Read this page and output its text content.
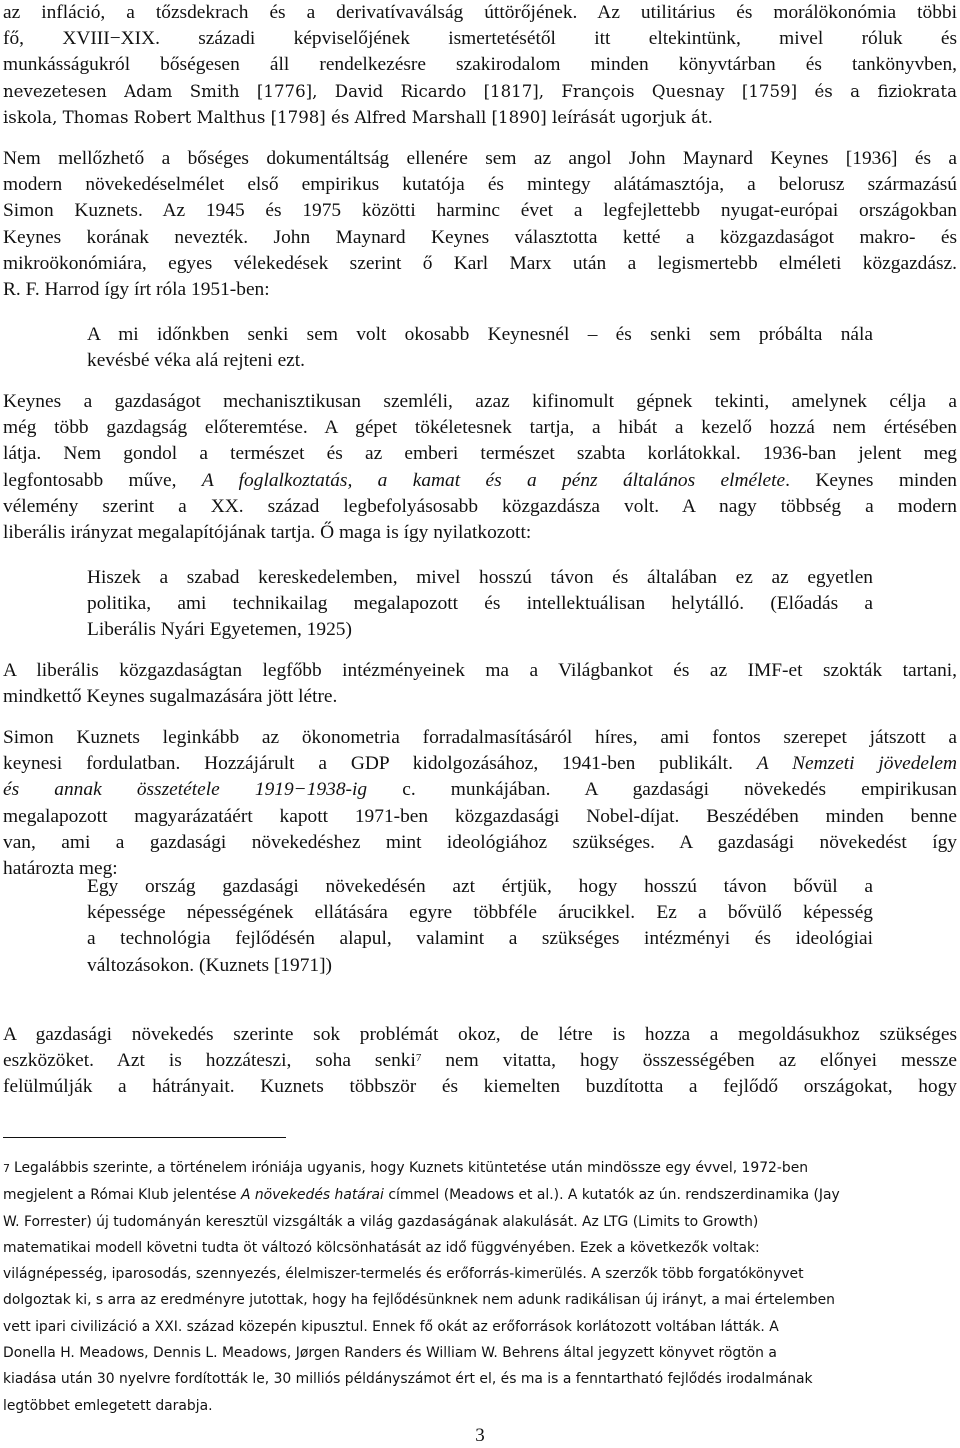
az infláció, a tőzsdekrach és a derivatívaválság úttörőjének. Az utilitárius és morálökonómia többi
fő, XVIII−XIX. századi képviselőjének ismertetésétől itt eltekintünk, mivel róluk és
munkásságukról bőségesen áll rendelkezésre szakirodalom minden könyvtárban és tankönyvben,
nevezetesen Adam Smith [1776], David Ricardo [1817], François Quesnay [1759] és a fiziokrata
iskola, Thomas Robert Malthus [1798] és Alfred Marshall [1890] leírását ugorjuk át.
Nem mellőzhető a bőséges dokumentáltság ellenére sem az angol John Maynard Keynes [1936] és a
modern növekedéselmélet első empirikus kutatója és mintegy alátámasztója, a belorusz származású
Simon Kuznets. Az 1945 és 1975 közötti harminc évet a legfejlettebb nyugat-európai országokban
Keynes korának nevezték. John Maynard Keynes választotta ketté a közgazdaságot makro- és
mikroökonómiára, egyes vélekedések szerint ő Karl Marx után a legismertebb elméleti közgazdász.
R. F. Harrod így írt róla 1951-ben:
A mi időnkben senki sem volt okosabb Keynesnél – és senki sem próbálta nála
kevésbé véka alá rejteni ezt.
Keynes a gazdaságot mechanisztikusan szemléli, azaz kifinomult gépnek tekinti, amelynek célja a
még több gazdagság előteremtése. A gépet tökéletesnek tartja, a hibát a kezelő hozzá nem értésében
látja. Nem gondol a természet és az emberi természet szabta korlátokkal. 1936-ban jelent meg
legfontosabb műve, A foglalkoztatás, a kamat és a pénz általános elmélete. Keynes minden
vélemény szerint a XX. század legbefolyásosabb közgazdásza volt. A nagy többség a modern
liberális irányzat megalapítójának tartja. Ő maga is így nyilatkozott:
Hiszek a szabad kereskedelemben, mivel hosszú távon és általában ez az egyetlen
politika, ami technikailag megalapozott és intellektuálisan helytálló. (Előadás a
Liberális Nyári Egyetemen, 1925)
A liberális közgazdaságtan legfőbb intézményeinek ma a Világbankot és az IMF-et szokták tartani,
mindkettő Keynes sugalmazására jött létre.
Simon Kuznets leginkább az ökonometria forradalmasításáról híres, ami fontos szerepet játszott a
keynesi fordulatban. Hozzájárult a GDP kidolgozásához, 1941-ben publikált. A Nemzeti jövedelem
és annak összetétele 1919−1938-ig c. munkájában. A gazdasági növekedés empirikusan
megalapozott magyarázatáért kapott 1971-ben közgazdasági Nobel-díjat. Beszédében minden benne
van, ami a gazdasági növekedéshez mint ideológiához szükséges. A gazdasági növekedést így
határozta meg:
Egy ország gazdasági növekedésén azt értjük, hogy hosszú távon bővül a
képessége népességének ellátására egyre többféle árucikkel. Ez a bővülő képesség
a technológia fejlődésén alapul, valamint a szükséges intézményi és ideológiai
változásokon. (Kuznets [1971])
A gazdasági növekedés szerinte sok problémát okoz, de létre is hozza a megoldásukhoz szükséges
eszközöket. Azt is hozzáteszi, soha senki$^7$ nem vitatta, hogy összességében az előnyei messze
felülmúlják a hátrányait. Kuznets többször és kiemelten buzdította a fejlődő országokat, hogy
7 Legalábbis szerinte, a történelem iróniája ugyanis, hogy Kuznets kitüntetése után mindössze egy évvel, 1972-ben
megjelent a Római Klub jelentése A növekedés határai címmel (Meadows et al.). A kutatók az ún. rendszerdinamika (Jay
W. Forrester) új tudományán keresztül vizsgálták a világ gazdaságának alakulását. Az LTG (Limits to Growth)
matematikai modell követni tudta öt változó kölcsönhatását az idő függvényében. Ezek a következők voltak:
világnépesség, iparosodás, szennyezés, élelmiszer-termelés és erőforrás-kimerülés. A szerzők több forgatókönyvet
dolgoztak ki, s arra az eredményre jutottak, hogy ha fejlődésünknek nem adunk radikálisan új irányt, a mai értelemben
vett ipari civilizáció a XXI. század közepén kipusztul. Ennek fő okát az erőforrások korlátozott voltában látták. A
Donella H. Meadows, Dennis L. Meadows, Jørgen Randers és William W. Behrens által jegyzett könyvet rögtön a
kiadása után 30 nyelvre fordították le, 30 milliós példányszámot ért el, és ma is a fenntartható fejlődés irodalmának
legtöbbet emlegetett darabja.
3
